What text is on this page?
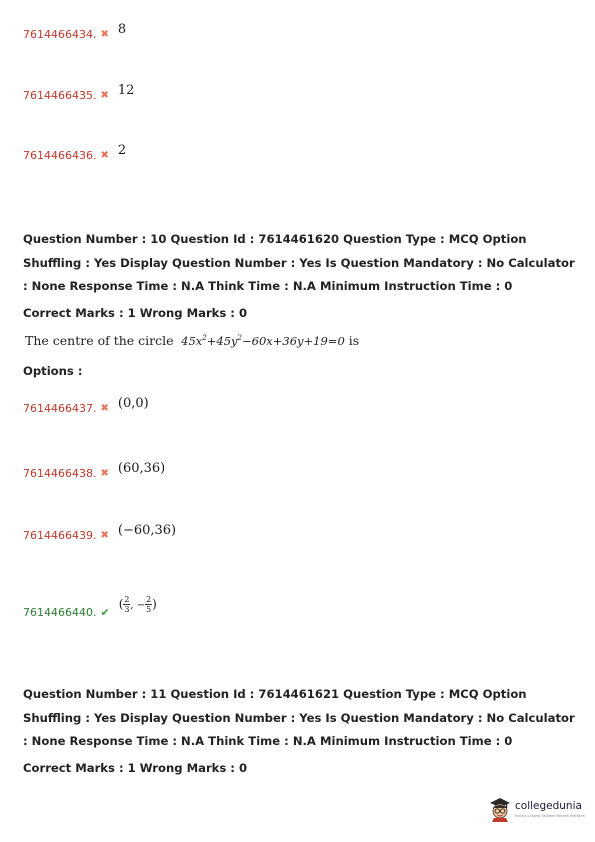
7614466434. ✖ 8
7614466435. ✖ 12
7614466436. ✖ 2
Question Number : 10 Question Id : 7614461620 Question Type : MCQ Option Shuffling : Yes Display Question Number : Yes Is Question Mandatory : No Calculator : None Response Time : N.A Think Time : N.A Minimum Instruction Time : 0
Correct Marks : 1 Wrong Marks : 0
The centre of the circle $45x^2+45y^2-60x+36y+19=0$ is
Options :
7614466437. ✖ (0,0)
7614466438. ✖ (60,36)
7614466439. ✖ (−60,36)
7614466440. ✔
( $\frac{2}{3}$ , − $\frac{2}{5}$ )
Question Number : 11 Question Id : 7614461621 Question Type : MCQ Option Shuffling : Yes Display Question Number : Yes Is Question Mandatory : No Calculator : None Response Time : N.A Think Time : N.A Minimum Instruction Time : 0
Correct Marks : 1 Wrong Marks : 0
collegedunia
India's Largest Student Review Platform
